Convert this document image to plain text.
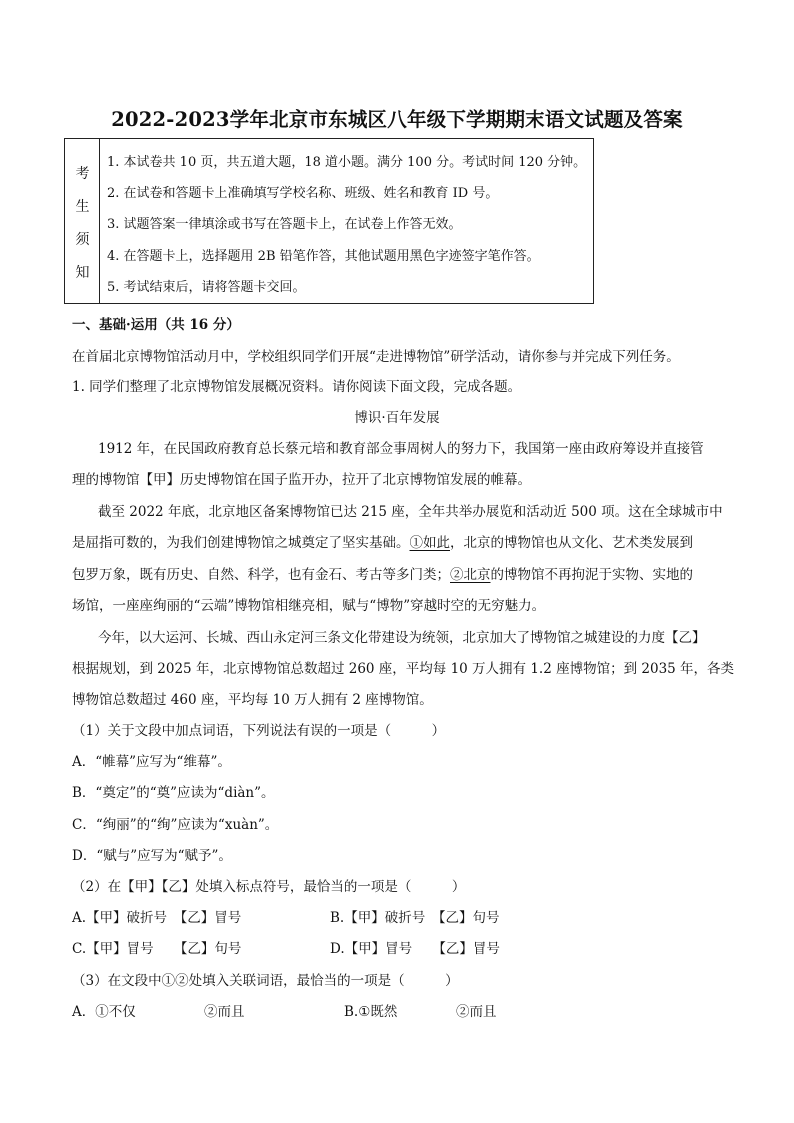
2022-2023学年北京市东城区八年级下学期期末语文试题及答案
考
生
须
知
1. 本试卷共 10 页，共五道大题，18 道小题。满分 100 分。考试时间 120 分钟。
2. 在试卷和答题卡上准确填写学校名称、班级、姓名和教育 ID 号。
3. 试题答案一律填涂或书写在答题卡上，在试卷上作答无效。
4. 在答题卡上，选择题用 2B 铅笔作答，其他试题用黑色字迹签字笔作答。
5. 考试结束后，请将答题卡交回。
一、基础·运用（共 16 分）
在首届北京博物馆活动月中，学校组织同学们开展“走进博物馆”研学活动，请你参与并完成下列任务。
1. 同学们整理了北京博物馆发展概况资料。请你阅读下面文段，完成各题。
博识·百年发展
1912 年，在民国政府教育总长蔡元培和教育部佥事周树人的努力下，我国第一座由政府筹设并直接管
理的博物馆【甲】历史博物馆在国子监开办，拉开了北京博物馆发展的帷幕。
截至 2022 年底，北京地区备案博物馆已达 215 座，全年共举办展览和活动近 500 项。这在全球城市中
是屈指可数的，为我们创建博物馆之城奠定了坚实基础。①如此，北京的博物馆也从文化、艺术类发展到
包罗万象，既有历史、自然、科学，也有金石、考古等多门类；②北京的博物馆不再拘泥于实物、实地的
场馆，一座座绚丽的“云端”博物馆相继亮相，赋与“博物”穿越时空的无穷魅力。
今年，以大运河、长城、西山永定河三条文化带建设为统领，北京加大了博物馆之城建设的力度【乙】
根据规划，到 2025 年，北京博物馆总数超过 260 座，平均每 10 万人拥有 1.2 座博物馆；到 2035 年，各类
博物馆总数超过 460 座，平均每 10 万人拥有 2 座博物馆。
（1）关于文段中加点词语，下列说法有误的一项是（　　　）
A．“帷幕”应写为“维幕”。
B．“奠定”的“奠”应读为“diàn”。
C．“绚丽”的“绚”应读为“xuàn”。
D．“赋与”应写为“赋予”。
（2）在【甲】【乙】处填入标点符号，最恰当的一项是（　　　）
A.【甲】破折号　【乙】冒号	B.【甲】破折号　【乙】句号
C.【甲】冒号　　【乙】句号	D.【甲】冒号　　【乙】冒号
（3）在文段中①②处填入关联词语，最恰当的一项是（　　　）
A．①不仅	②而且	B.①既然	②而且
